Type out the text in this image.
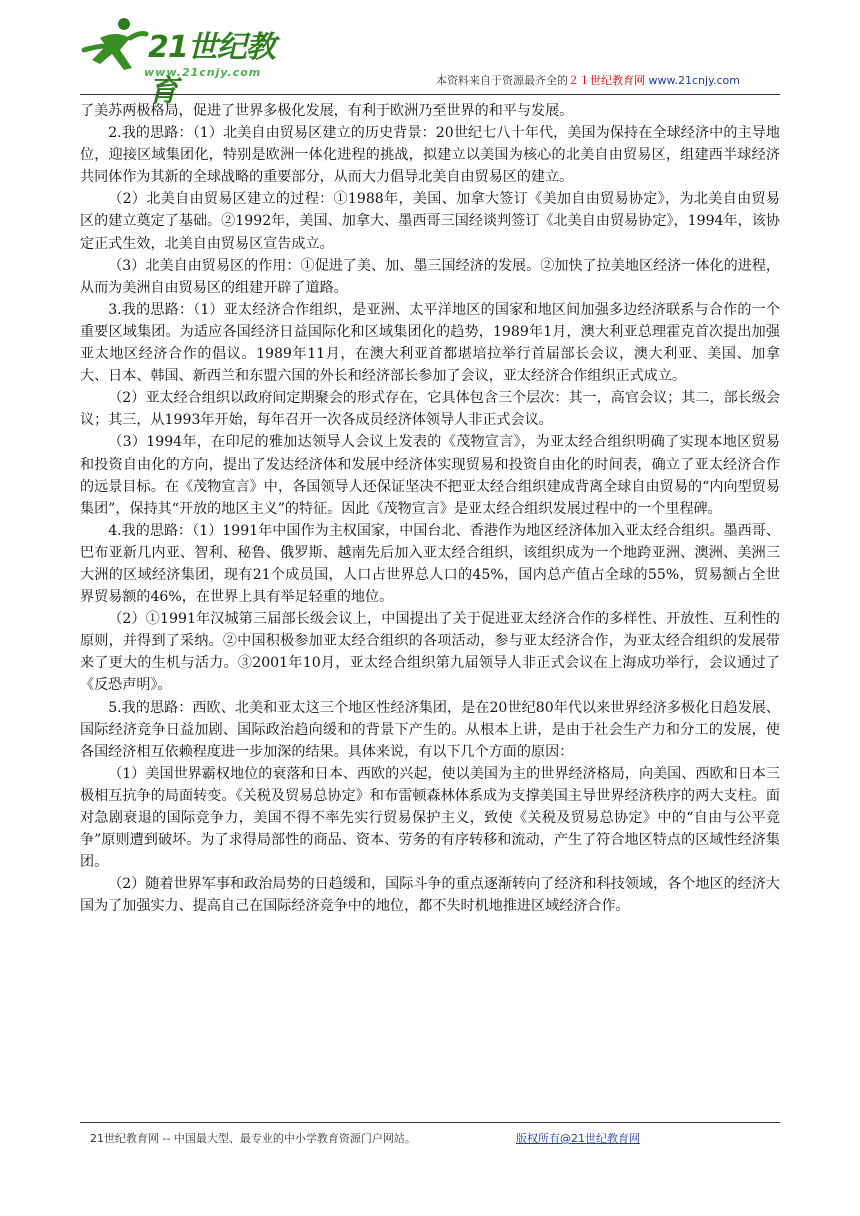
21世纪教育
www.21cnjy.com
本资料来自于资源最齐全的２１世纪教育网 www.21cnjy.com

了美苏两极格局，促进了世界多极化发展，有利于欧洲乃至世界的和平与发展。

2.我的思路：（1）北美自由贸易区建立的历史背景：20世纪七八十年代，美国为保持在全球经济中的主导地位，迎接区域集团化，特别是欧洲一体化进程的挑战，拟建立以美国为核心的北美自由贸易区，组建西半球经济共同体作为其新的全球战略的重要部分，从而大力倡导北美自由贸易区的建立。

（2）北美自由贸易区建立的过程：①1988年，美国、加拿大签订《美加自由贸易协定》，为北美自由贸易区的建立奠定了基础。②1992年，美国、加拿大、墨西哥三国经谈判签订《北美自由贸易协定》，1994年，该协定正式生效，北美自由贸易区宣告成立。

（3）北美自由贸易区的作用：①促进了美、加、墨三国经济的发展。②加快了拉美地区经济一体化的进程，从而为美洲自由贸易区的组建开辟了道路。

3.我的思路：（1）亚太经济合作组织，是亚洲、太平洋地区的国家和地区间加强多边经济联系与合作的一个重要区域集团。为适应各国经济日益国际化和区域集团化的趋势，1989年1月，澳大利亚总理霍克首次提出加强亚太地区经济合作的倡议。1989年11月，在澳大利亚首都堪培拉举行首届部长会议，澳大利亚、美国、加拿大、日本、韩国、新西兰和东盟六国的外长和经济部长参加了会议，亚太经济合作组织正式成立。

（2）亚太经合组织以政府间定期聚会的形式存在，它具体包含三个层次：其一，高官会议；其二，部长级会议；其三，从1993年开始，每年召开一次各成员经济体领导人非正式会议。

（3）1994年，在印尼的雅加达领导人会议上发表的《茂物宣言》，为亚太经合组织明确了实现本地区贸易和投资自由化的方向，提出了发达经济体和发展中经济体实现贸易和投资自由化的时间表，确立了亚太经济合作的远景目标。在《茂物宣言》中，各国领导人还保证坚决不把亚太经合组织建成背离全球自由贸易的“内向型贸易集团”，保持其“开放的地区主义”的特征。因此《茂物宣言》是亚太经合组织发展过程中的一个里程碑。

4.我的思路：（1）1991年中国作为主权国家，中国台北、香港作为地区经济体加入亚太经合组织。墨西哥、巴布亚新几内亚、智利、秘鲁、俄罗斯、越南先后加入亚太经合组织，该组织成为一个地跨亚洲、澳洲、美洲三大洲的区域经济集团，现有21个成员国，人口占世界总人口的45%，国内总产值占全球的55%，贸易额占全世界贸易额的46%，在世界上具有举足轻重的地位。

（2）①1991年汉城第三届部长级会议上，中国提出了关于促进亚太经济合作的多样性、开放性、互利性的原则，并得到了采纳。②中国积极参加亚太经合组织的各项活动，参与亚太经济合作，为亚太经合组织的发展带来了更大的生机与活力。③2001年10月，亚太经合组织第九届领导人非正式会议在上海成功举行，会议通过了《反恐声明》。

5.我的思路：西欧、北美和亚太这三个地区性经济集团，是在20世纪80年代以来世界经济多极化日趋发展、国际经济竞争日益加剧、国际政治趋向缓和的背景下产生的。从根本上讲，是由于社会生产力和分工的发展，使各国经济相互依赖程度进一步加深的结果。具体来说，有以下几个方面的原因：

（1）美国世界霸权地位的衰落和日本、西欧的兴起，使以美国为主的世界经济格局，向美国、西欧和日本三极相互抗争的局面转变。《关税及贸易总协定》和布雷顿森林体系成为支撑美国主导世界经济秩序的两大支柱。面对急剧衰退的国际竞争力，美国不得不率先实行贸易保护主义，致使《关税及贸易总协定》中的“自由与公平竞争”原则遭到破坏。为了求得局部性的商品、资本、劳务的有序转移和流动，产生了符合地区特点的区域性经济集团。

（2）随着世界军事和政治局势的日趋缓和，国际斗争的重点逐渐转向了经济和科技领域，各个地区的经济大国为了加强实力、提高自己在国际经济竞争中的地位，都不失时机地推进区域经济合作。

21世纪教育网 -- 中国最大型、最专业的中小学教育资源门户网站。	版权所有@21世纪教育网
